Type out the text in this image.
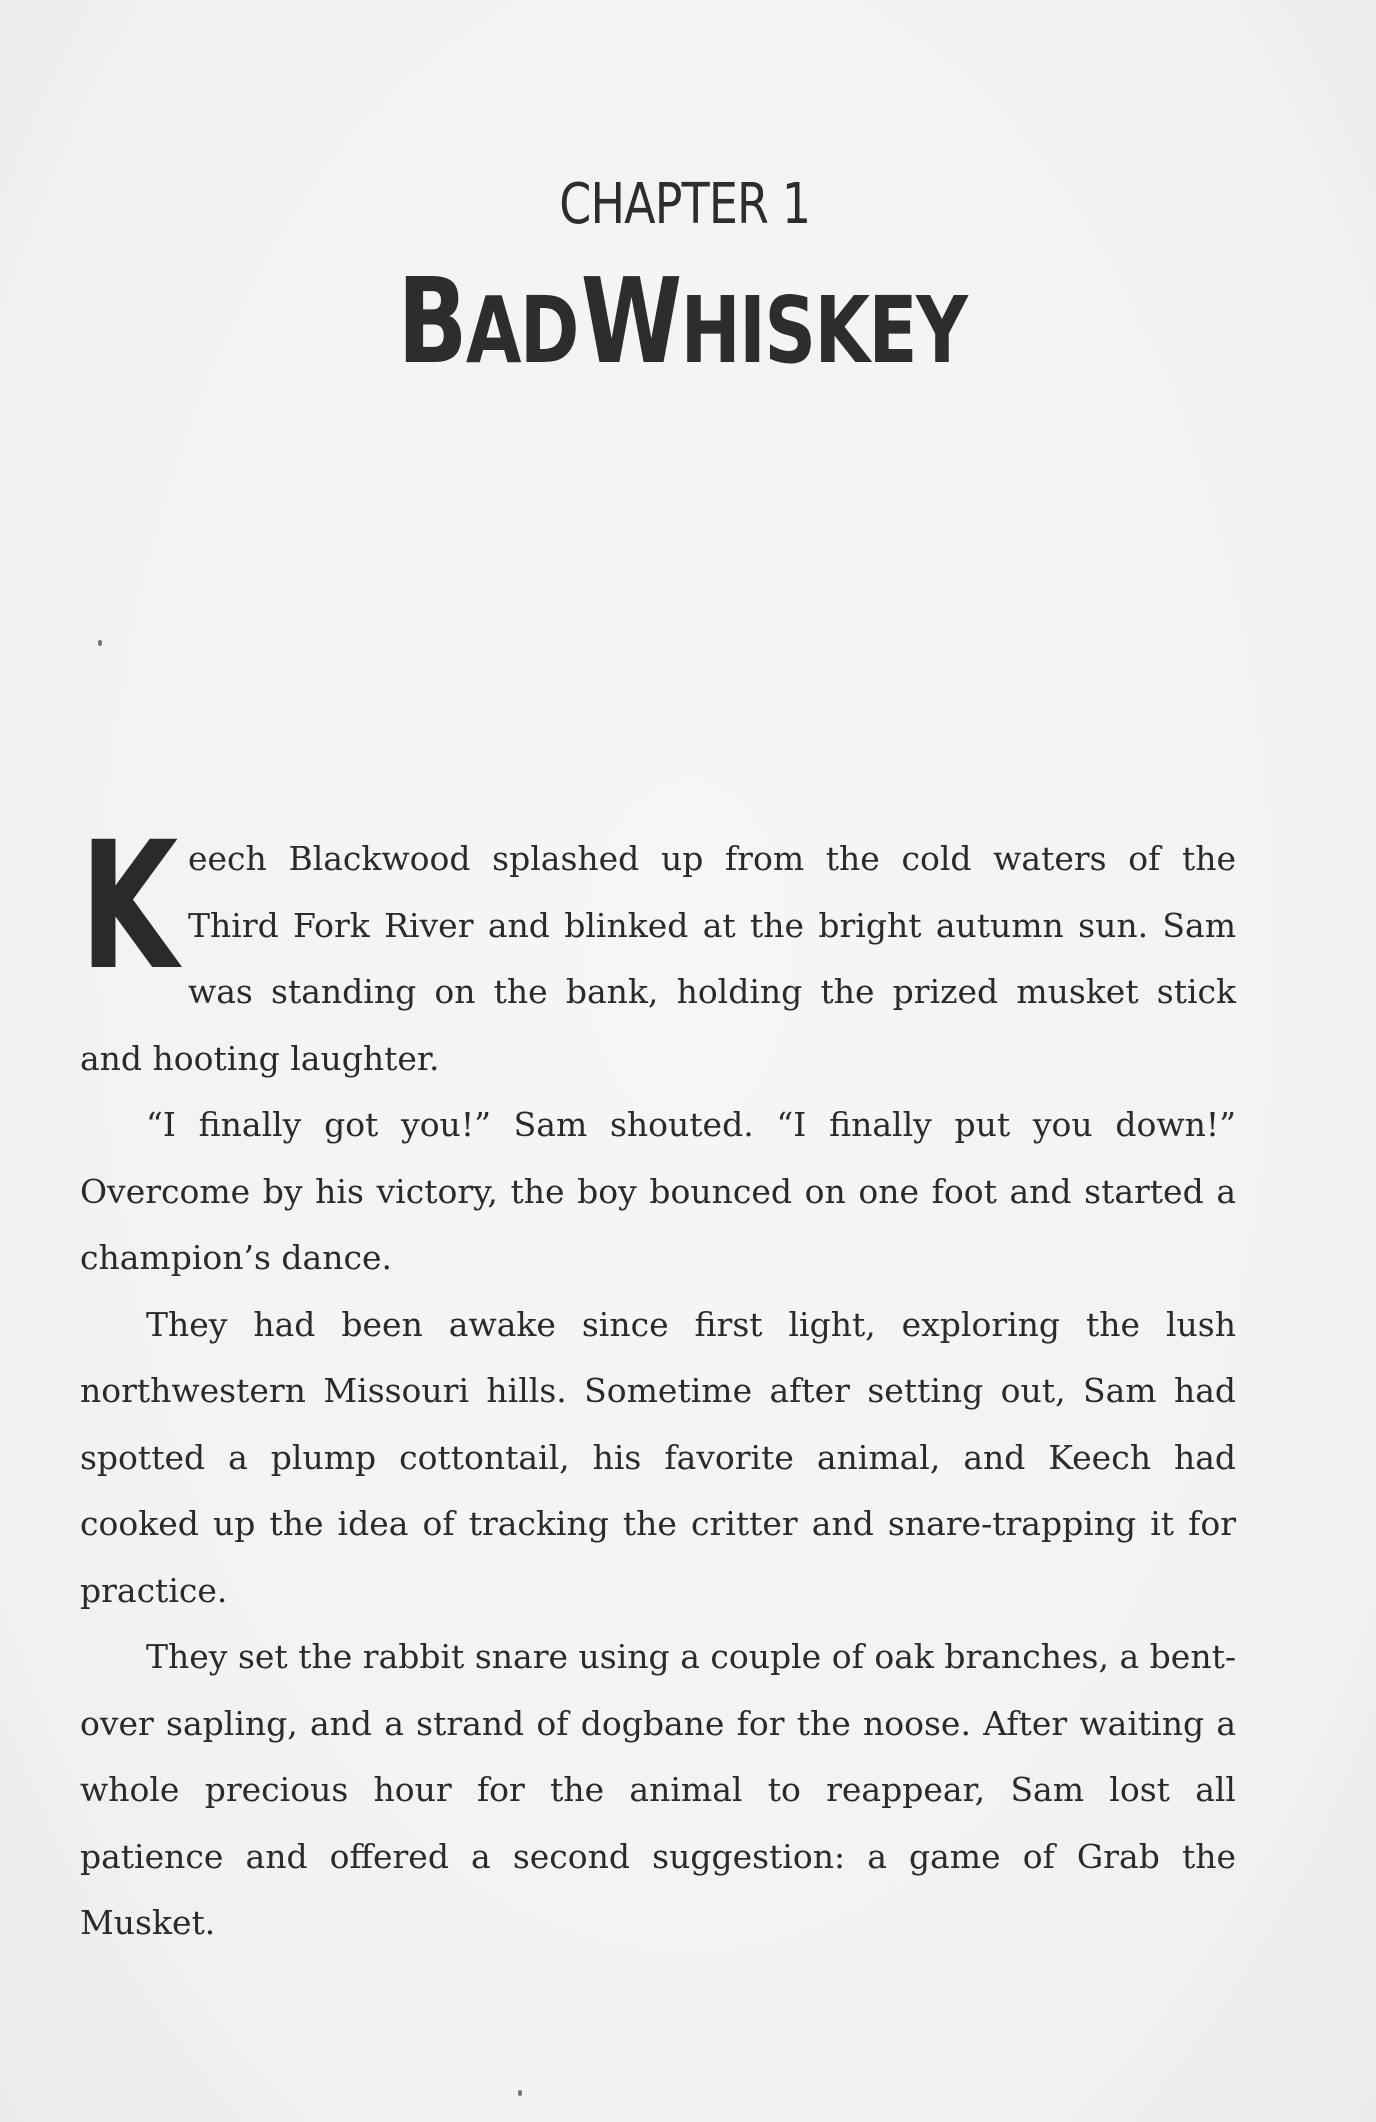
CHAPTER 1
BAD WHISKEY

Keech Blackwood splashed up from the cold waters of the Third Fork River and blinked at the bright autumn sun. Sam was standing on the bank, holding the prized musket stick and hooting laughter.

“I finally got you!” Sam shouted. “I finally put you down!” Overcome by his victory, the boy bounced on one foot and started a champion’s dance.

They had been awake since first light, exploring the lush northwestern Missouri hills. Sometime after setting out, Sam had spotted a plump cottontail, his favorite animal, and Keech had cooked up the idea of tracking the critter and snare-trapping it for practice.

They set the rabbit snare using a couple of oak branches, a bent-over sapling, and a strand of dogbane for the noose. After waiting a whole precious hour for the animal to reappear, Sam lost all patience and offered a second suggestion: a game of Grab the Musket.
